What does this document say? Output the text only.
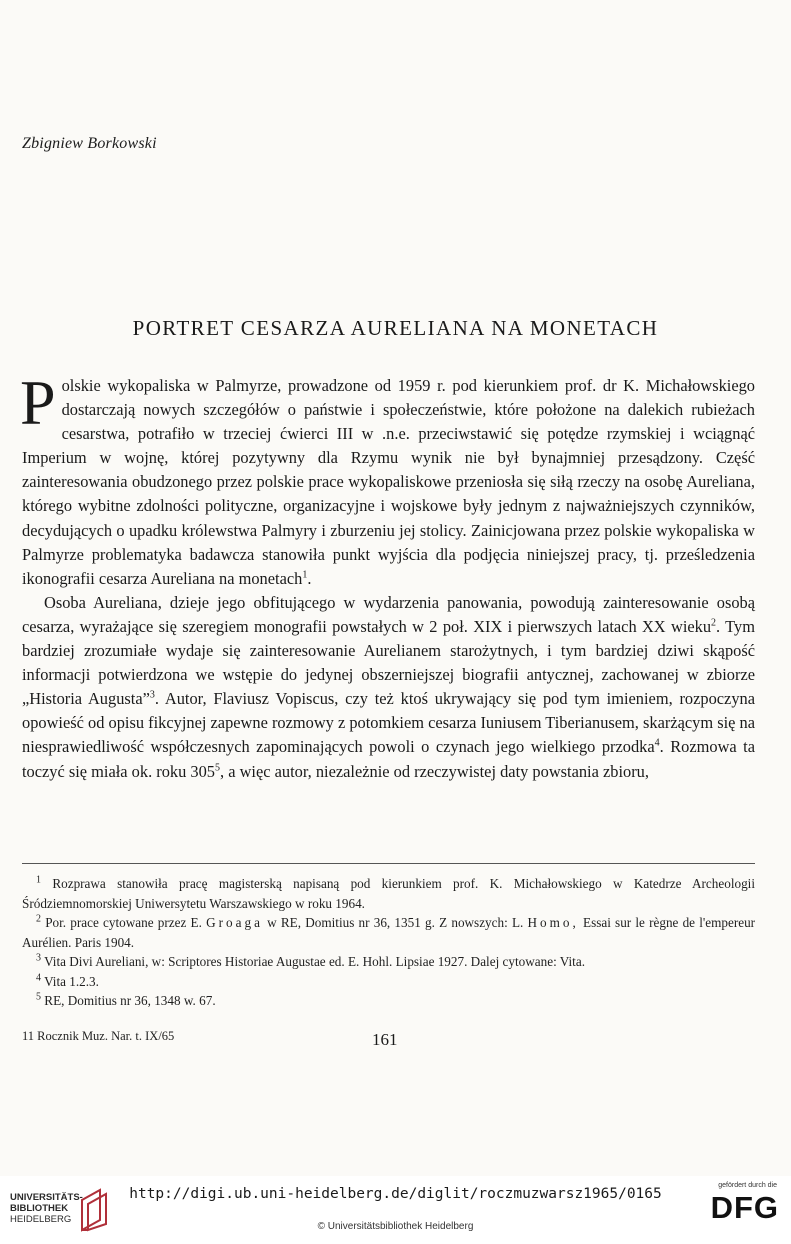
Zbigniew Borkowski
PORTRET CESARZA AURELIANA NA MONETACH

Polskie wykopaliska w Palmyrze, prowadzone od 1959 r. pod kierunkiem prof. dr K. Michałowskiego dostarczają nowych szczegółów o państwie i społeczeństwie, które położone na dalekich rubieżach cesarstwa, potrafiło w trzeciej ćwierci III w .n.e. przeciwstawić się potędze rzymskiej i wciągnąć Imperium w wojnę, której pozytywny dla Rzymu wynik nie był bynajmniej przesądzony. Część zainteresowania obudzonego przez polskie prace wykopaliskowe przeniosła się siłą rzeczy na osobę Aureliana, którego wybitne zdolności polityczne, organizacyjne i wojskowe były jednym z najważniejszych czynników, decydujących o upadku królewstwa Palmyry i zburzeniu jej stolicy. Zainicjowana przez polskie wykopaliska w Palmyrze problematyka badawcza stanowiła punkt wyjścia dla podjęcia niniejszej pracy, tj. prześledzenia ikonografii cesarza Aureliana na monetach$^1$.

Osoba Aureliana, dzieje jego obfitującego w wydarzenia panowania, powodują zainteresowanie osobą cesarza, wyrażające się szeregiem monografii powstałych w 2 poł. XIX i pierwszych latach XX wieku$^2$. Tym bardziej zrozumiałe wydaje się zainteresowanie Aurelianem starożytnych, i tym bardziej dziwi skąpość informacji potwierdzona we wstępie do jedynej obszerniejszej biografii antycznej, zachowanej w zbiorze „Historia Augusta”$^3$. Autor, Flaviusz Vopiscus, czy też ktoś ukrywający się pod tym imieniem, rozpoczyna opowieść od opisu fikcyjnej zapewne rozmowy z potomkiem cesarza Iuniusem Tiberianusem, skarżącym się na niesprawiedliwość współczesnych zapominających powoli o czynach jego wielkiego przodka$^4$. Rozmowa ta toczyć się miała ok. roku $305^5$, a więc autor, niezależnie od rzeczywistej daty powstania zbioru,

$^1$ Rozprawa stanowiła pracę magisterską napisaną pod kierunkiem prof. K. Michałowskiego w Katedrze Archeologii Śródziemnomorskiej Uniwersytetu Warszawskiego w roku 1964.

$^2$ Por. prace cytowane przez E. Groaga w RE, Domitius nr 36, 1351 g. Z nowszych: L. Homo, Essai sur le règne de l'empereur Aurélien. Paris 1904.

$^3$ Vita Divi Aureliani, w: Scriptores Historiae Augustae ed. E. Hohl. Lipsiae 1927. Dalej cytowane: Vita.

$^4$ Vita 1.2.3.

$^5$ RE, Domitius nr 36, 1348 w. 67.

11 Rocznik Muz. Nar. t. IX/65	161
UNIVERSITÄTS-
BIBLIOTHEK
HEIDELBERG
http://digi.ub.uni-heidelberg.de/diglit/roczmuzwarsz1965/0165
© Universitätsbibliothek Heidelberg
gefördert durch die
DFG
